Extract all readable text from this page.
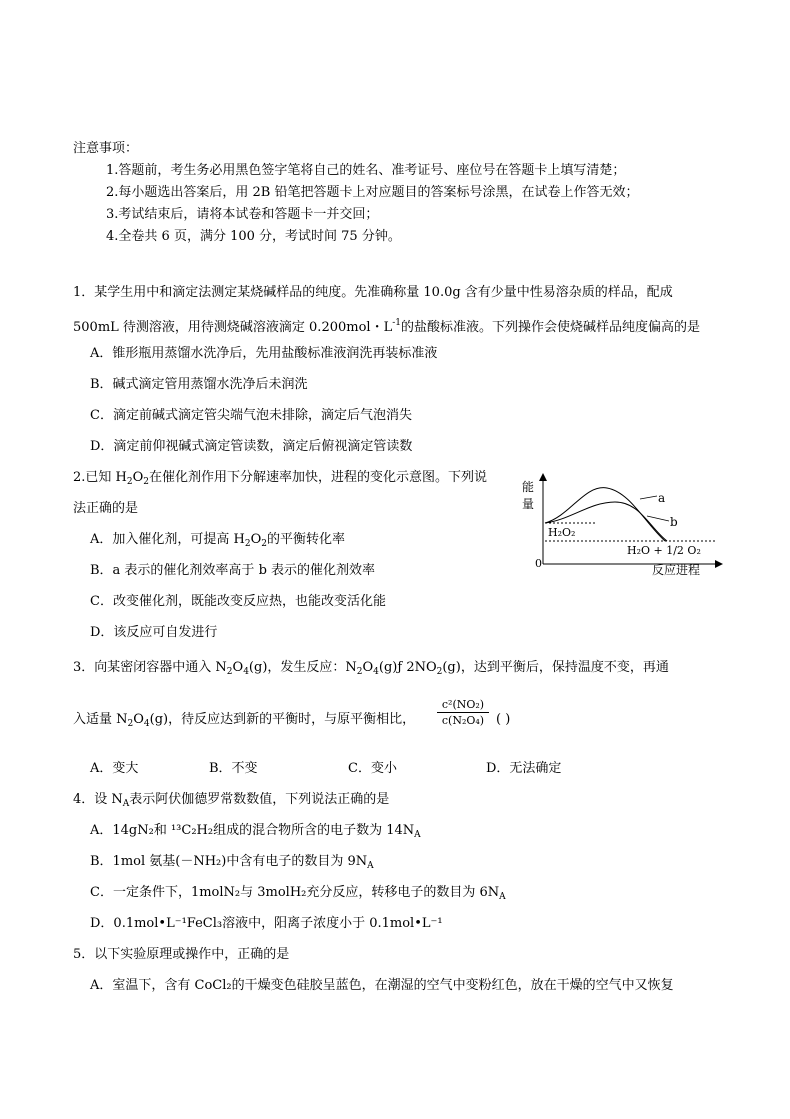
注意事项：
1.答题前，考生务必用黑色签字笔将自己的姓名、准考证号、座位号在答题卡上填写清楚；
2.每小题选出答案后，用 2B 铅笔把答题卡上对应题目的答案标号涂黑，在试卷上作答无效；
3.考试结束后，请将本试卷和答题卡一并交回；
4.全卷共 6 页，满分 100 分，考试时间 75 分钟。
1．某学生用中和滴定法测定某烧碱样品的纯度。先准确称量 10.0g 含有少量中性易溶杂质的样品，配成
500mL 待测溶液，用待测烧碱溶液滴定 0.200mol・$L^{-1}$的盐酸标准液。下列操作会使烧碱样品纯度偏高的是
A．锥形瓶用蒸馏水洗净后，先用盐酸标准液润洗再装标准液
B．碱式滴定管用蒸馏水洗净后未润洗
C．滴定前碱式滴定管尖端气泡未排除，滴定后气泡消失
D．滴定前仰视碱式滴定管读数，滴定后俯视滴定管读数
2.已知 $H_2O_2$在催化剂作用下分解速率加快，进程的变化示意图。下列说
法正确的是
A．加入催化剂，可提高 $H_2O_2$的平衡转化率
B．a 表示的催化剂效率高于 b 表示的催化剂效率
C．改变催化剂，既能改变反应热，也能改变活化能
D．该反应可自发进行
能
量
0
a
b
H₂O₂
H₂O + 1/2 O₂
反应进程
3．向某密闭容器中通入 $N_2O_4(g)$，发生反应：$N_2O_4(g)ƒ$ $2NO_2(g)$，达到平衡后，保持温度不变，再通
入适量 $N_2O_4(g)$，待反应达到新的平衡时，与原平衡相比， $\frac{\text{c²(NO₂)}}{\text{c(N₂O₄)}}$ ( )
A．变大	B．不变	C．变小	D．无法确定
4．设 $N_A$表示阿伏伽德罗常数数值，下列说法正确的是
A．14gN₂和 ¹³C₂H₂组成的混合物所含的电子数为 $14N_A$
B．1mol 氨基(－NH₂)中含有电子的数目为 $9N_A$
C．一定条件下，1molN₂与 3molH₂充分反应，转移电子的数目为 $6N_A$
D．0.1mol•L⁻¹FeCl₃溶液中，阳离子浓度小于 0.1mol•L⁻¹
5．以下实验原理或操作中，正确的是
A．室温下，含有 CoCl₂的干燥变色硅胶呈蓝色，在潮湿的空气中变粉红色，放在干燥的空气中又恢复
